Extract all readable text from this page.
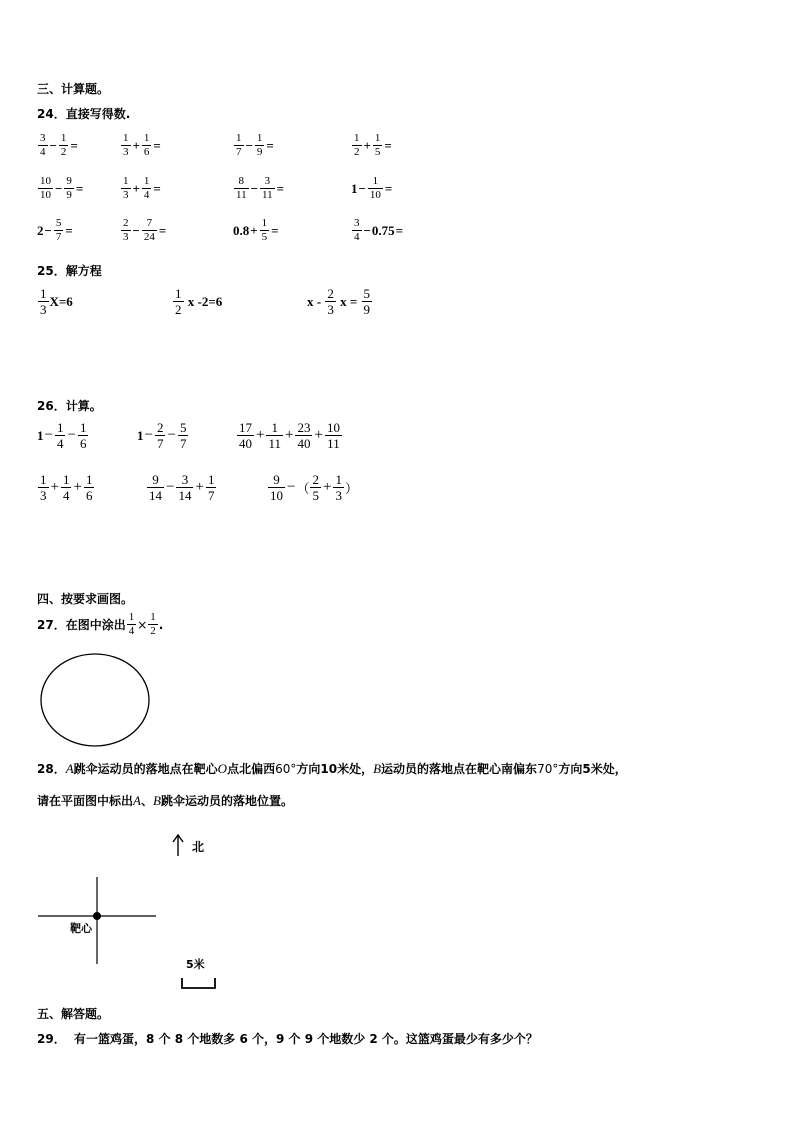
三、计算题。
24．直接写得数.
$\frac{3}{4} - \frac{1}{2}$ =	$\frac{1}{3} + \frac{1}{6}$ =	$\frac{1}{7} - \frac{1}{9}$ =	$\frac{1}{2} + \frac{1}{5}$ =
$\frac{10}{10} - \frac{9}{9}$ =	$\frac{1}{3} + \frac{1}{4}$ =	$\frac{8}{11} - \frac{3}{11}$ =	$1 - \frac{1}{10}$ =
$2 - \frac{5}{7}$ =	$\frac{2}{3} - \frac{7}{24}$ =	$0.8 + \frac{1}{5}$ =	$\frac{3}{4} - 0.75$ =
25．解方程
$\frac{1}{3} X=6$	$\frac{1}{2}$ x -2=6	x - $\frac{2}{3}$ $x = \frac{5}{9}$
26．计算。
$1 - \frac{1}{4} - \frac{1}{6}$	$1 - \frac{2}{7} - \frac{5}{7}$	$\frac{17}{40} + \frac{1}{11} + \frac{23}{40} + \frac{10}{11}$
$\frac{1}{3} + \frac{1}{4} + \frac{1}{6}$	$\frac{9}{14} - \frac{3}{14} + \frac{1}{7}$	$\frac{9}{10}$ − （ $\frac{2}{5} + \frac{1}{3}$ ）
四、按要求画图。
27．在图中涂出 $\frac{1}{4} \times \frac{1}{2}$ .
28．A跳伞运动员的落地点在靶心O点北偏西60°方向10米处，B运动员的落地点在靶心南偏东70°方向5米处，
请在平面图中标出A、B跳伞运动员的落地位置。
北
靶心
5米
五、解答题。
29．  有一篮鸡蛋，8 个 8 个地数多 6 个，9 个 9 个地数少 2 个。这篮鸡蛋最少有多少个？
